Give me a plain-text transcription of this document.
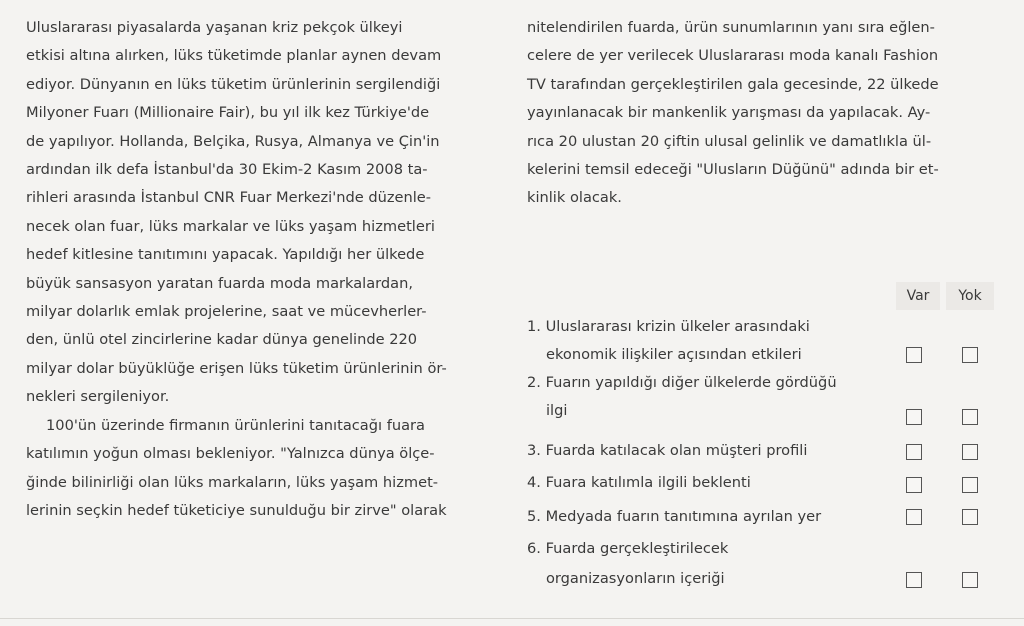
Uluslararası piyasalarda yaşanan kriz pekçok ülkeyi
etkisi altına alırken, lüks tüketimde planlar aynen devam
ediyor. Dünyanın en lüks tüketim ürünlerinin sergilendiği
Milyoner Fuarı (Millionaire Fair), bu yıl ilk kez Türkiye'de
de yapılıyor. Hollanda, Belçika, Rusya, Almanya ve Çin'in
ardından ilk defa İstanbul'da 30 Ekim-2 Kasım 2008 ta-
rihleri arasında İstanbul CNR Fuar Merkezi'nde düzenle-
necek olan fuar, lüks markalar ve lüks yaşam hizmetleri
hedef kitlesine tanıtımını yapacak. Yapıldığı her ülkede
büyük sansasyon yaratan fuarda moda markalardan,
milyar dolarlık emlak projelerine, saat ve mücevherler-
den, ünlü otel zincirlerine kadar dünya genelinde 220
milyar dolar büyüklüğe erişen lüks tüketim ürünlerinin ör-
nekleri sergileniyor.

100'ün üzerinde firmanın ürünlerini tanıtacağı fuara
katılımın yoğun olması bekleniyor. "Yalnızca dünya ölçe-
ğinde bilinirliği olan lüks markaların, lüks yaşam hizmet-
lerinin seçkin hedef tüketiciye sunulduğu bir zirve" olarak

nitelendirilen fuarda, ürün sunumlarının yanı sıra eğlen-
celere de yer verilecek Uluslararası moda kanalı Fashion
TV tarafından gerçekleştirilen gala gecesinde, 22 ülkede
yayınlanacak bir mankenlik yarışması da yapılacak. Ay-
rıca 20 ulustan 20 çiftin ulusal gelinlik ve damatlıkla ül-
kelerini temsil edeceği "Ulusların Düğünü" adında bir et-
kinlik olacak.

Var	Yok
1. Uluslararası krizin ülkeler arasındaki
ekonomik ilişkiler açısından etkileri
2. Fuarın yapıldığı diğer ülkelerde gördüğü
ilgi
3. Fuarda katılacak olan müşteri profili
4. Fuara katılımla ilgili beklenti
5. Medyada fuarın tanıtımına ayrılan yer
6. Fuarda gerçekleştirilecek
organizasyonların içeriği
